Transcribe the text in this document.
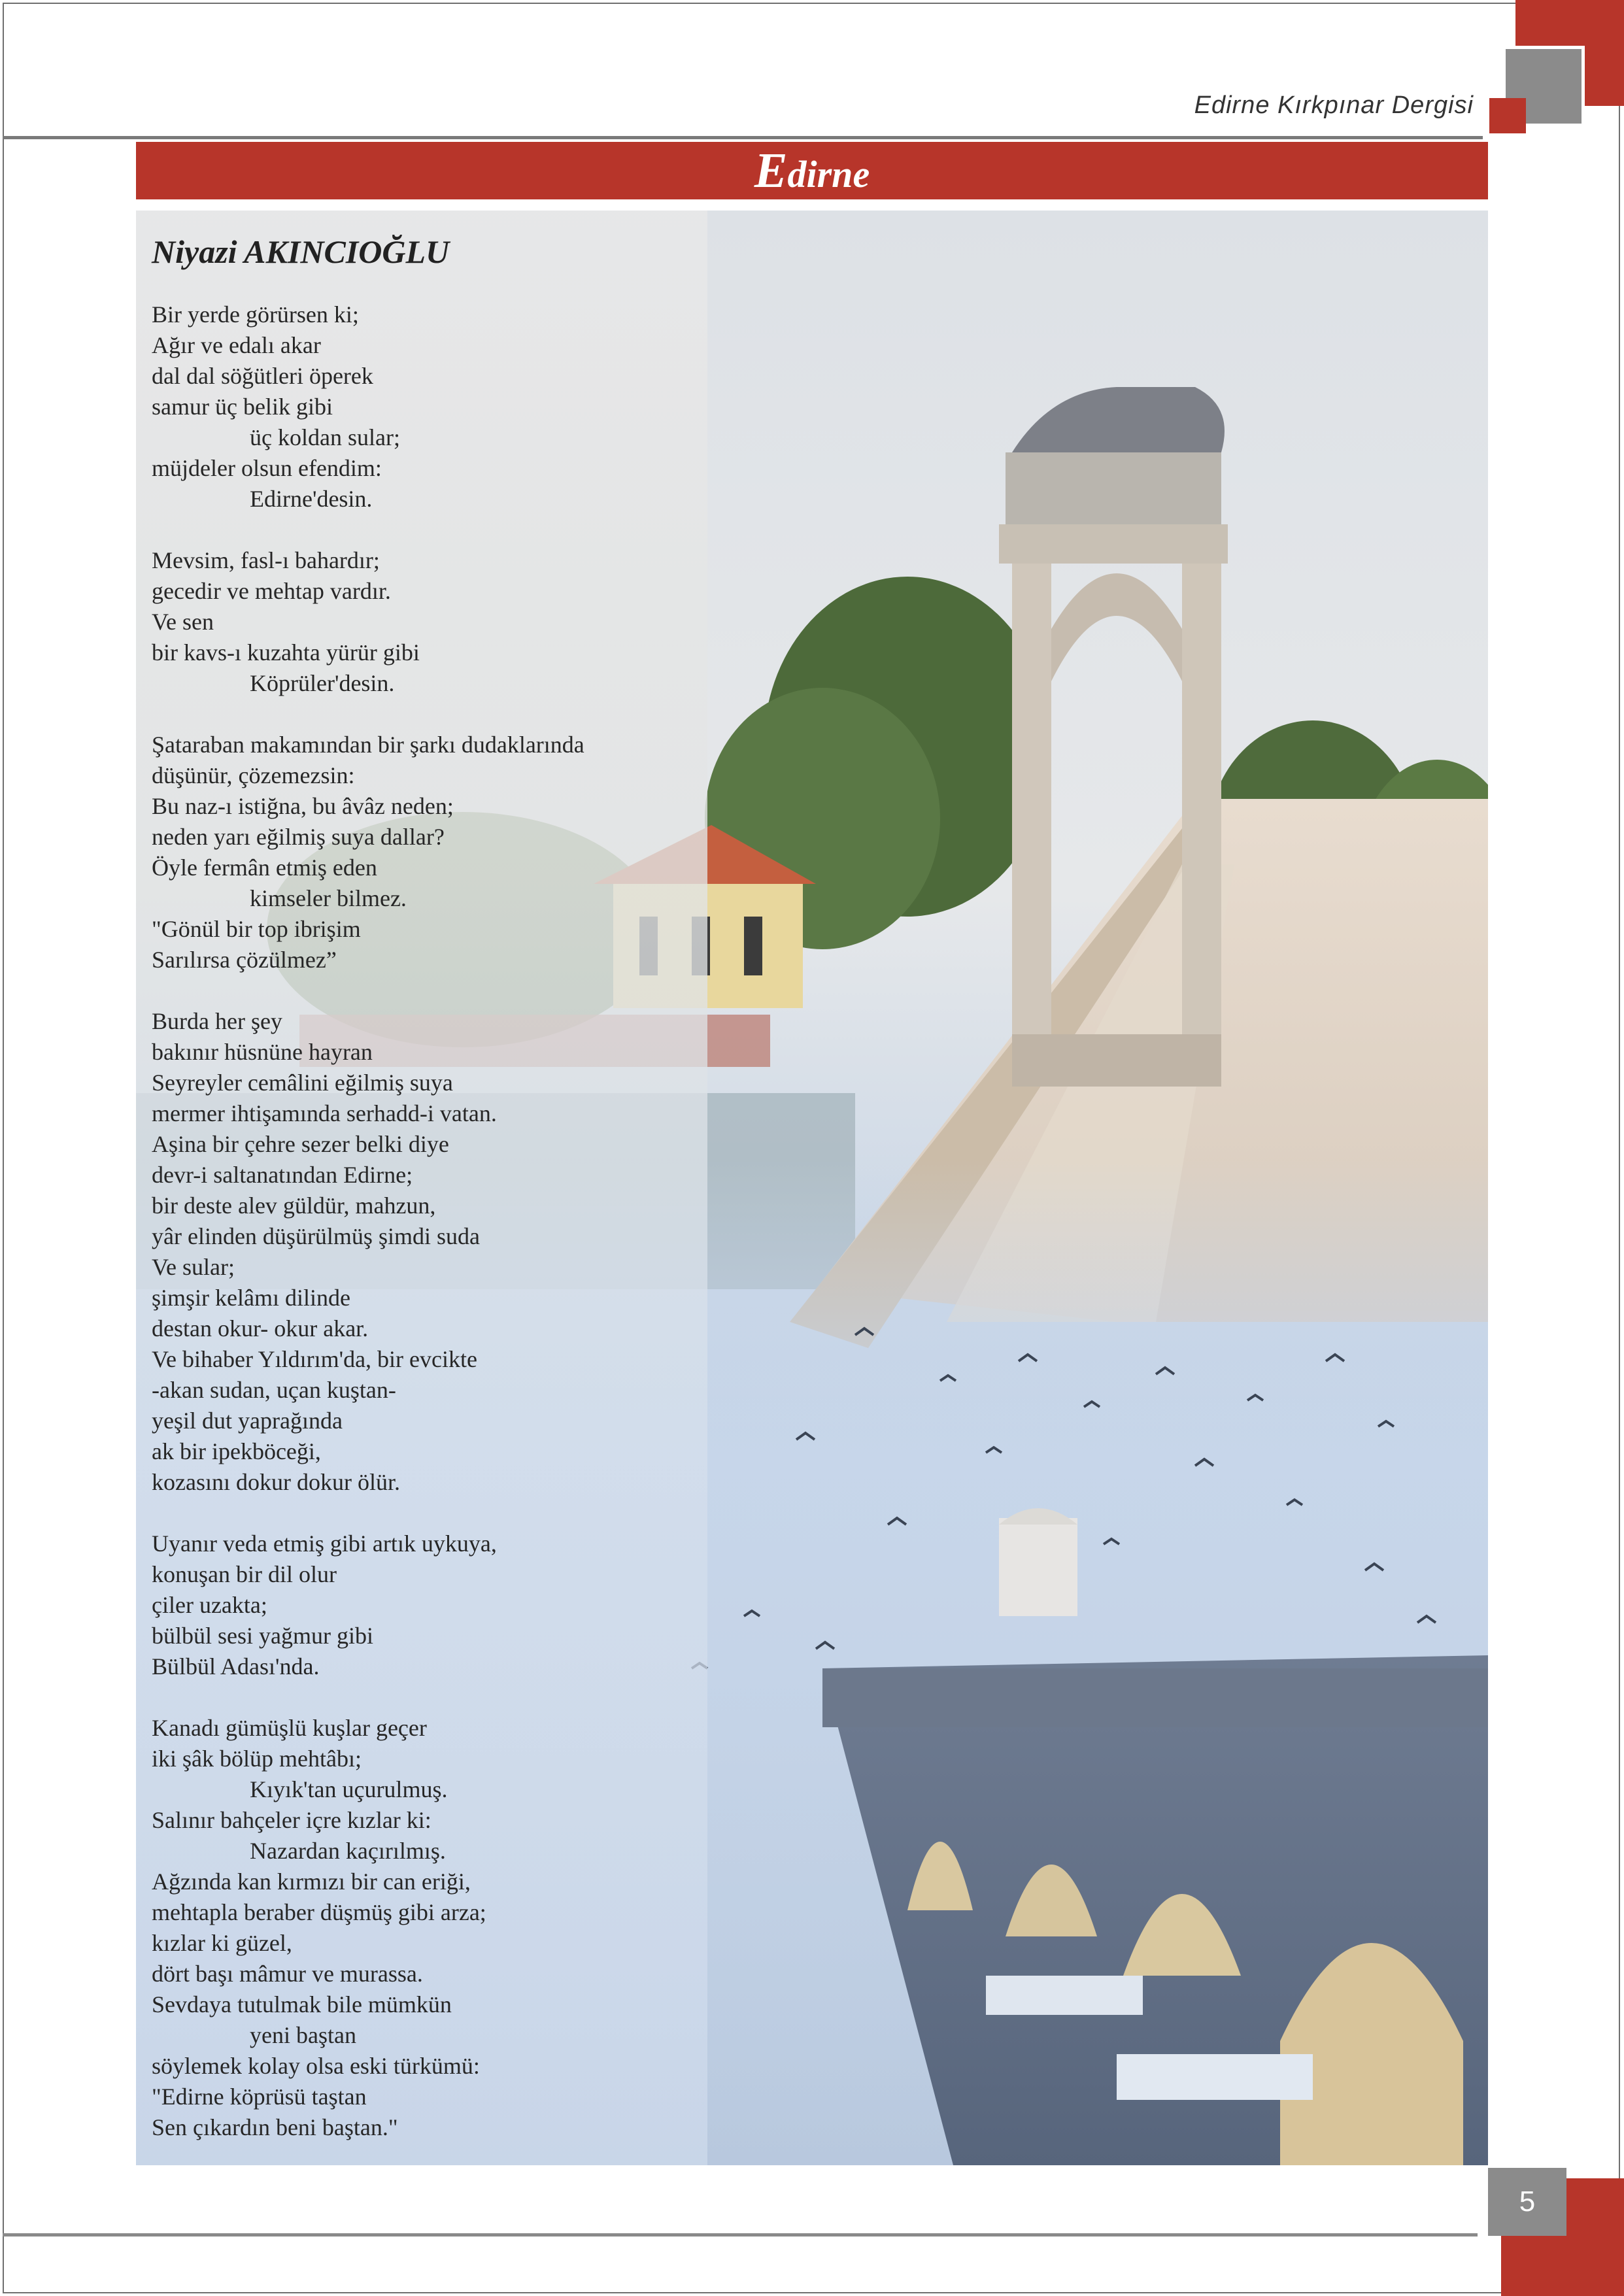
Edirne Kırkpınar Dergisi
Edirne
Niyazi AKINCIOĞLU
Bir yerde görürsen ki;
Ağır ve edalı akar
dal dal söğütleri öperek
samur üç belik gibi
üç koldan sular;
müjdeler olsun efendim:
Edirne'desin.
Mevsim, fasl-ı bahardır;
gecedir ve mehtap vardır.
Ve sen
bir kavs-ı kuzahta yürür gibi
Köprüler'desin.
Şataraban makamından bir şarkı dudaklarında
düşünür, çözemezsin:
Bu naz-ı istiğna, bu âvâz neden;
neden yarı eğilmiş suya dallar?
Öyle fermân etmiş eden
kimseler bilmez.
"Gönül bir top ibrişim
Sarılırsa çözülmez”
Burda her şey
bakınır hüsnüne hayran
Seyreyler cemâlini eğilmiş suya
mermer ihtişamında serhadd-i vatan.
Aşina bir çehre sezer belki diye
devr-i saltanatından Edirne;
bir deste alev güldür, mahzun,
yâr elinden düşürülmüş şimdi suda
Ve sular;
şimşir kelâmı dilinde
destan okur- okur akar.
Ve bihaber Yıldırım'da, bir evcikte
-akan sudan, uçan kuştan-
yeşil dut yaprağında
ak bir ipekböceği,
kozasını dokur dokur ölür.
Uyanır veda etmiş gibi artık uykuya,
konuşan bir dil olur
çiler uzakta;
bülbül sesi yağmur gibi
Bülbül Adası'nda.
Kanadı gümüşlü kuşlar geçer
iki şâk bölüp mehtâbı;
Kıyık'tan uçurulmuş.
Salınır bahçeler içre kızlar ki:
Nazardan kaçırılmış.
Ağzında kan kırmızı bir can eriği,
mehtapla beraber düşmüş gibi arza;
kızlar ki güzel,
dört başı mâmur ve murassa.
Sevdaya tutulmak bile mümkün
yeni baştan
söylemek kolay olsa eski türkümü:
"Edirne köprüsü taştan
Sen çıkardın beni baştan."
5
